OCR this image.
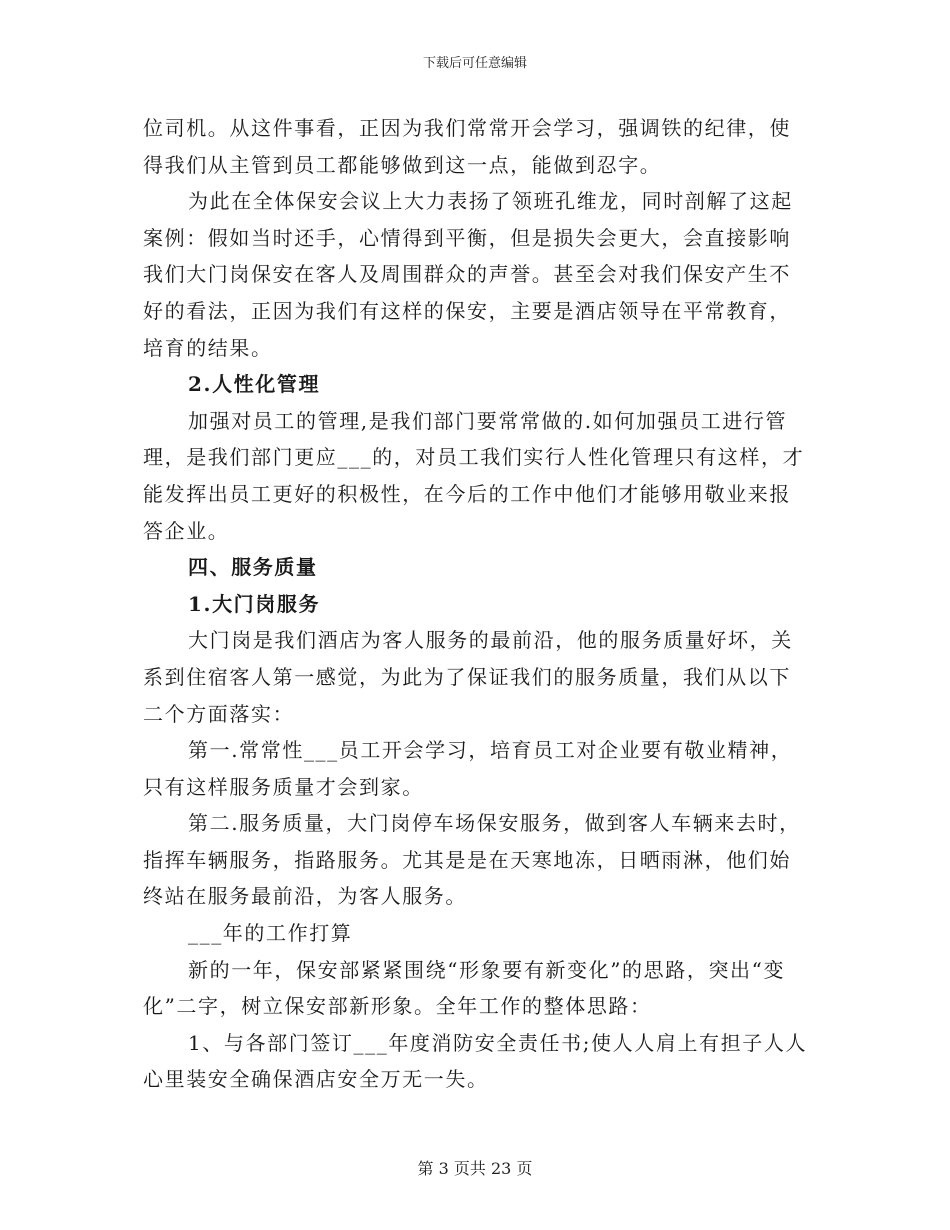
下载后可任意编辑

位司机。从这件事看，正因为我们常常开会学习，强调铁的纪律，使得我们从主管到员工都能够做到这一点，能做到忍字。

为此在全体保安会议上大力表扬了领班孔维龙，同时剖解了这起案例：假如当时还手，心情得到平衡，但是损失会更大，会直接影响我们大门岗保安在客人及周围群众的声誉。甚至会对我们保安产生不好的看法，正因为我们有这样的保安，主要是酒店领导在平常教育，培育的结果。

2.人性化管理

加强对员工的管理,是我们部门要常常做的.如何加强员工进行管理，是我们部门更应___的，对员工我们实行人性化管理只有这样，才能发挥出员工更好的积极性，在今后的工作中他们才能够用敬业来报答企业。

四、服务质量

1.大门岗服务

大门岗是我们酒店为客人服务的最前沿，他的服务质量好坏，关系到住宿客人第一感觉，为此为了保证我们的服务质量，我们从以下二个方面落实：

第一.常常性___员工开会学习，培育员工对企业要有敬业精神，只有这样服务质量才会到家。

第二.服务质量，大门岗停车场保安服务，做到客人车辆来去时，指挥车辆服务，指路服务。尤其是是在天寒地冻，日晒雨淋，他们始终站在服务最前沿，为客人服务。

___年的工作打算

新的一年，保安部紧紧围绕“形象要有新变化”的思路，突出“变化”二字，树立保安部新形象。全年工作的整体思路：

1、与各部门签订___年度消防安全责任书;使人人肩上有担子人人心里装安全确保酒店安全万无一失。

第 3 页共 23 页
